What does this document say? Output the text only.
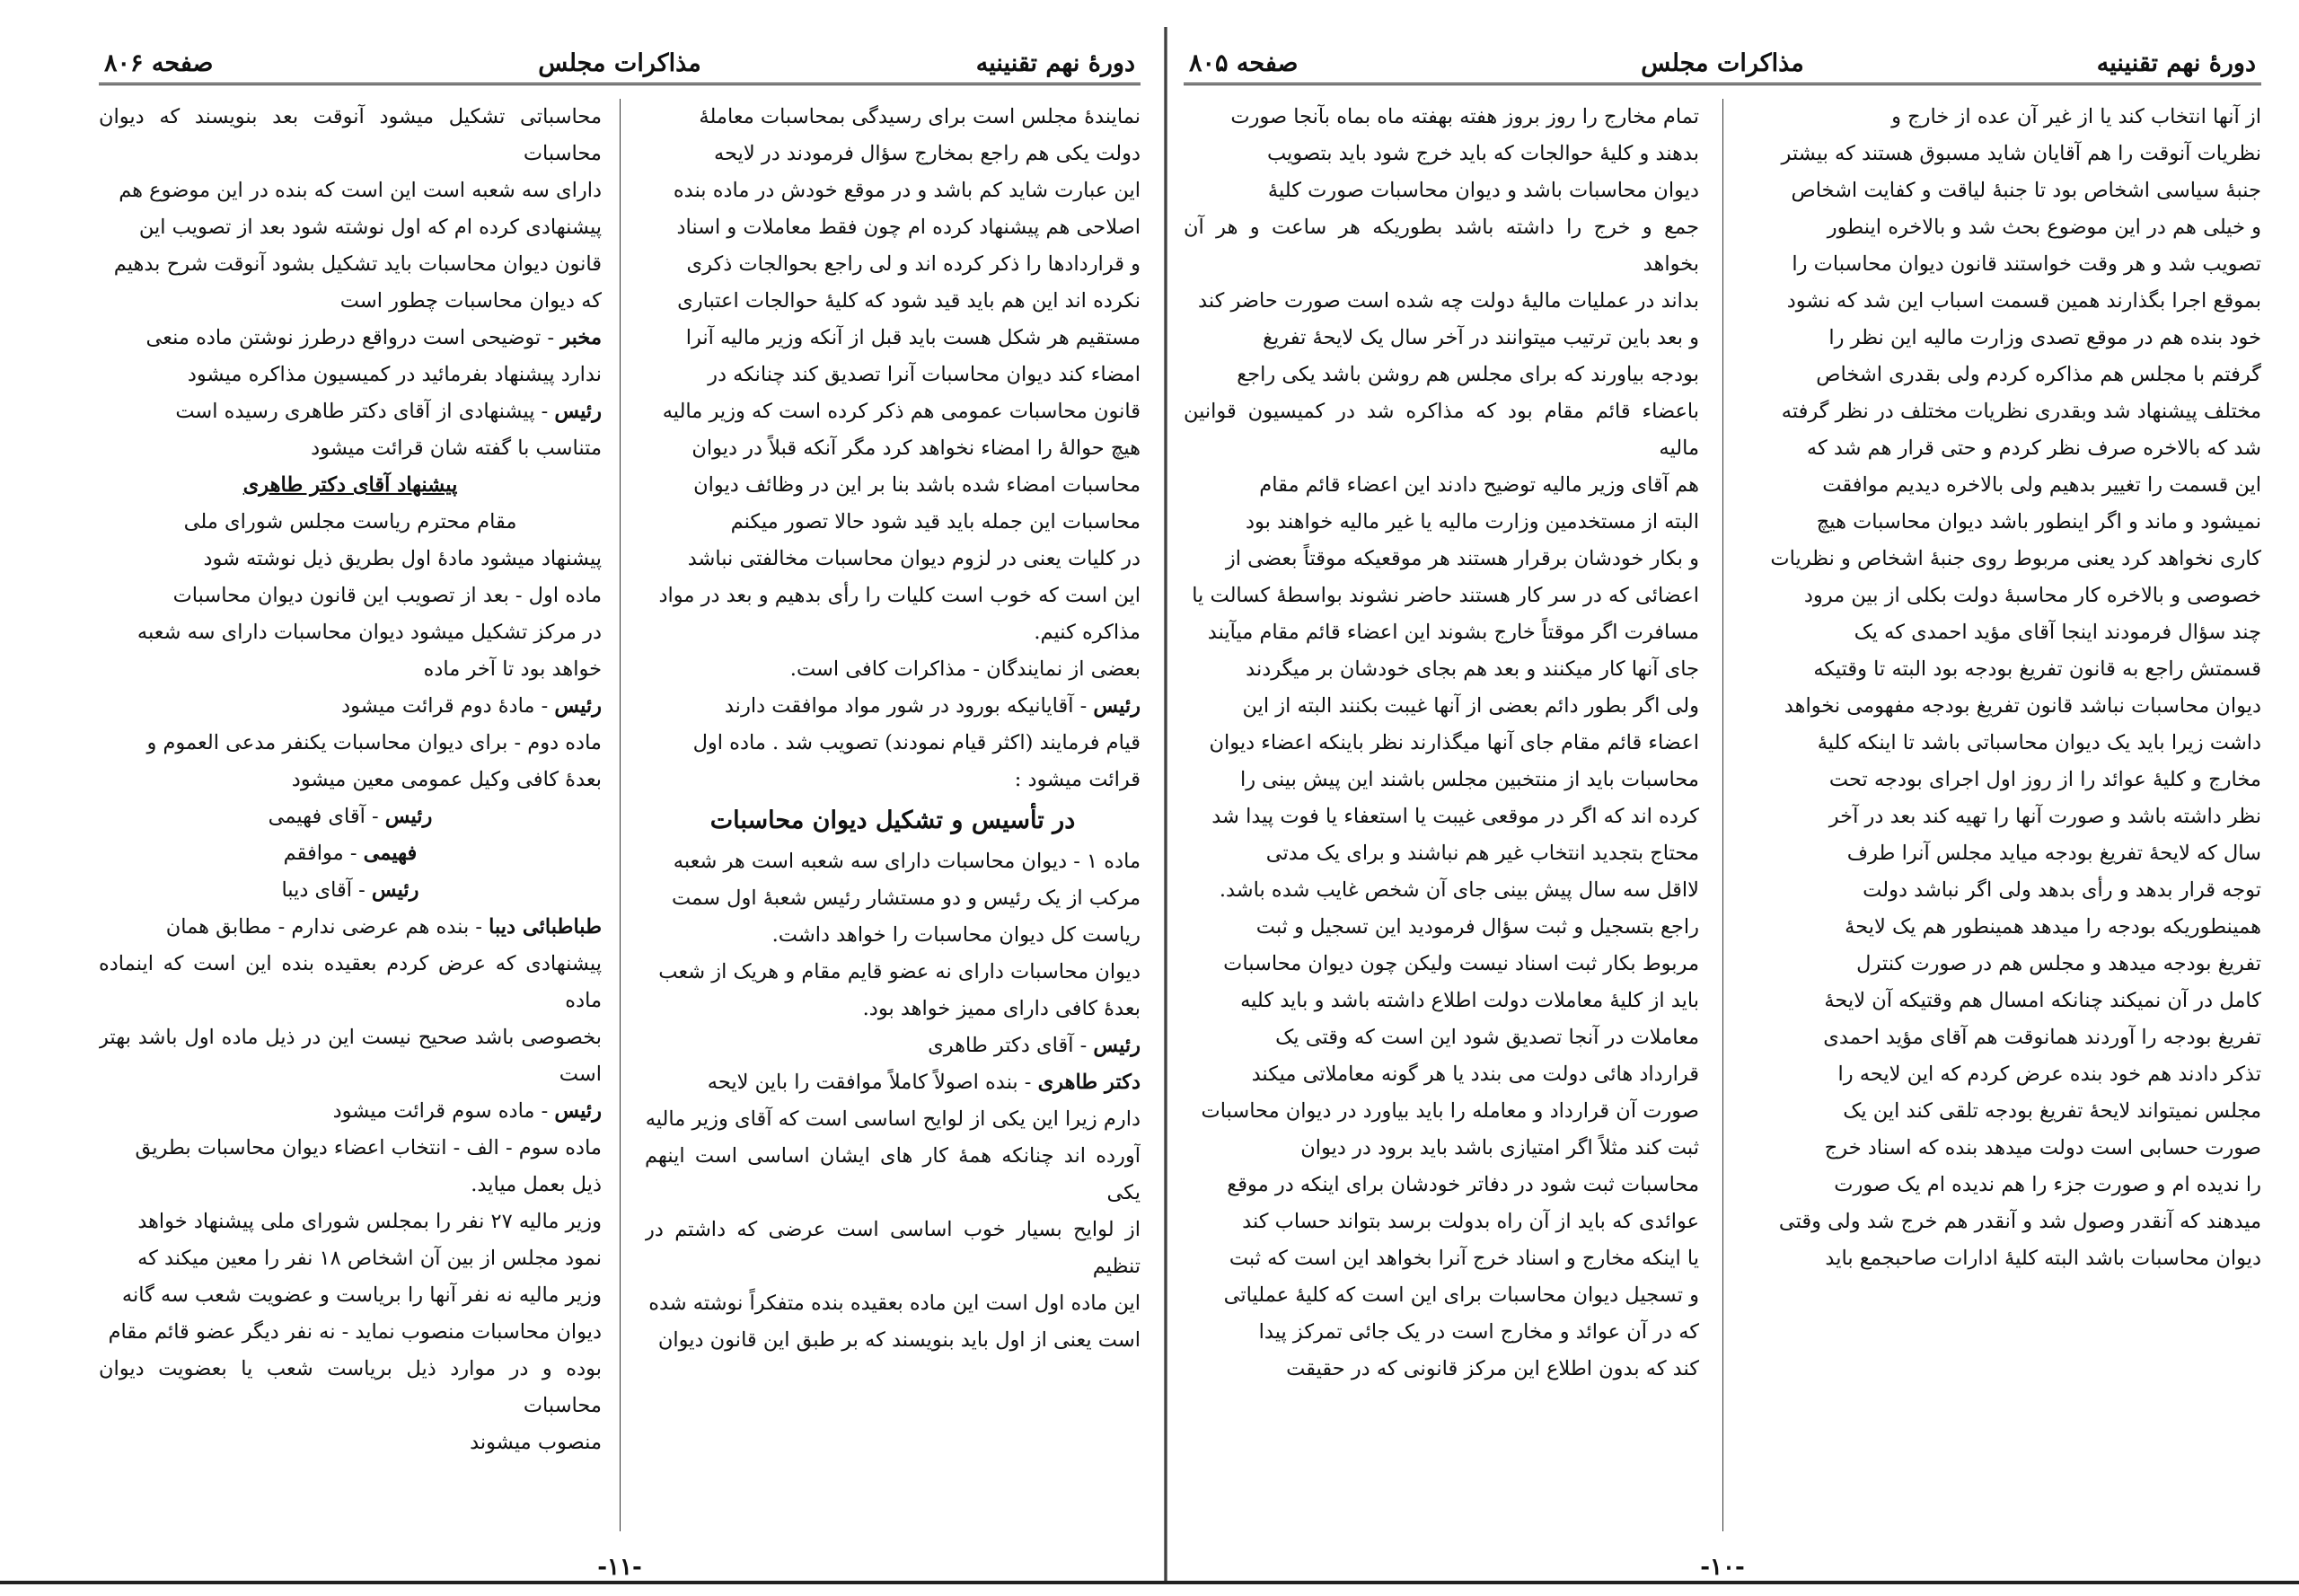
دورهٔ نهم تقنینیه
مذاکرات مجلس
صفحه ۸۰۶

نمایندهٔ مجلس است برای رسیدگی بمحاسبات معاملهٔ

دولت یکی هم راجع بمخارج سؤال فرمودند در لایحه

این عبارت شاید کم باشد و در موقع خودش در ماده بنده

اصلاحی هم پیشنهاد کرده ام چون فقط معاملات و اسناد

و قراردادها را ذکر کرده اند و لی راجع بحوالجات ذکری

نکرده اند این هم باید قید شود که کلیهٔ حوالجات اعتباری

مستقیم هر شکل هست باید قبل از آنکه وزیر مالیه آنرا

امضاء کند دیوان محاسبات آنرا تصدیق کند چنانکه در

قانون محاسبات عمومی هم ذکر کرده است که وزیر مالیه

هیچ حوالهٔ را امضاء نخواهد کرد مگر آنکه قبلاً در دیوان

محاسبات امضاء شده باشد بنا بر این در وظائف دیوان

محاسبات این جمله باید قید شود حالا تصور میکنم

در کلیات یعنی در لزوم دیوان محاسبات مخالفتی نباشد

این است که خوب است کلیات را رأی بدهیم و بعد در مواد

مذاکره کنیم.

بعضی از نمایندگان - مذاکرات کافی است.

رئیس - آقایانیکه بورود در شور مواد موافقت دارند

قیام فرمایند (اکثر قیام نمودند) تصویب شد . ماده اول

قرائت میشود :

در تأسیس و تشکیل دیوان محاسبات

ماده ۱ - دیوان محاسبات دارای سه شعبه است هر شعبه

مرکب از یک رئیس و دو مستشار رئیس شعبهٔ اول سمت

ریاست کل دیوان محاسبات را خواهد داشت.

دیوان محاسبات دارای نه عضو قایم مقام و هریک از شعب

بعدهٔ کافی دارای ممیز خواهد بود.

رئیس - آقای دکتر طاهری

دکتر طاهری - بنده اصولاً کاملاً موافقت را باین لایحه

دارم زیرا این یکی از لوایح اساسی است که آقای وزیر مالیه

آورده اند چنانکه همهٔ کار های ایشان اساسی است اینهم یکی

از لوایح بسیار خوب اساسی است عرضی که داشتم در تنظیم

این ماده اول است این ماده بعقیده بنده متفکراً نوشته شده

است یعنی از اول باید بنویسند که بر طبق این قانون دیوان

محاسباتی تشکیل میشود آنوقت بعد بنویسند که دیوان محاسبات

دارای سه شعبه است این است که بنده در این موضوع هم

پیشنهادی کرده ام که اول نوشته شود بعد از تصویب این

قانون دیوان محاسبات باید تشکیل بشود آنوقت شرح بدهیم

که دیوان محاسبات چطور است

مخبر - توضیحی است درواقع درطرز نوشتن ماده منعی

ندارد پیشنهاد بفرمائید در کمیسیون مذاکره میشود

رئیس - پیشنهادی از آقای دکتر طاهری رسیده است

متناسب با گفته شان قرائت میشود

پیشنهاد آقای دکتر طاهری

مقام محترم ریاست مجلس شورای ملی

پیشنهاد میشود مادهٔ اول بطریق ذیل نوشته شود

ماده اول - بعد از تصویب این قانون دیوان محاسبات

در مرکز تشکیل میشود دیوان محاسبات دارای سه شعبه

خواهد بود تا آخر ماده

رئیس - مادهٔ دوم قرائت میشود

ماده دوم - برای دیوان محاسبات یکنفر مدعی العموم و

بعدهٔ کافی وکیل عمومی معین میشود

رئیس - آقای فهیمی

فهیمی - موافقم

رئیس - آقای دیبا

طباطبائی دیبا - بنده هم عرضی ندارم - مطابق همان

پیشنهادی که عرض کردم بعقیده بنده این است که اینماده ماده

بخصوصی باشد صحیح نیست این در ذیل ماده اول باشد بهتر است

رئیس - ماده سوم قرائت میشود

ماده سوم - الف - انتخاب اعضاء دیوان محاسبات بطریق

ذیل بعمل میاید.

وزیر مالیه ۲۷ نفر را بمجلس شورای ملی پیشنهاد خواهد

نمود مجلس از بین آن اشخاص ۱۸ نفر را معین میکند که

وزیر مالیه نه نفر آنها را بریاست و عضویت شعب سه گانه

دیوان محاسبات منصوب نماید - نه نفر دیگر عضو قائم مقام

بوده و در موارد ذیل بریاست شعب یا بعضویت دیوان محاسبات

منصوب میشوند

-۱۱-
دورهٔ نهم تقنینیه
مذاکرات مجلس
صفحه ۸۰۵

از آنها انتخاب کند یا از غیر آن عده از خارج و

نظریات آنوقت را هم آقایان شاید مسبوق هستند که بیشتر

جنبهٔ سیاسی اشخاص بود تا جنبهٔ لیاقت و کفایت اشخاص

و خیلی هم در این موضوع بحث شد و بالاخره اینطور

تصویب شد و هر وقت خواستند قانون دیوان محاسبات را

بموقع اجرا بگذارند همین قسمت اسباب این شد که نشود

خود بنده هم در موقع تصدی وزارت مالیه این نظر را

گرفتم با مجلس هم مذاکره کردم ولی بقدری اشخاص

مختلف پیشنهاد شد وبقدری نظریات مختلف در نظر گرفته

شد که بالاخره صرف نظر کردم و حتی قرار هم شد که

این قسمت را تغییر بدهیم ولی بالاخره دیدیم موافقت

نمیشود و ماند و اگر اینطور باشد دیوان محاسبات هیچ

کاری نخواهد کرد یعنی مربوط روی جنبهٔ اشخاص و نظریات

خصوصی و بالاخره کار محاسبهٔ دولت بکلی از بین مرود

چند سؤال فرمودند اینجا آقای مؤید احمدی که یک

قسمتش راجع به قانون تفریغ بودجه بود البته تا وقتیکه

دیوان محاسبات نباشد قانون تفریغ بودجه مفهومی نخواهد

داشت زیرا باید یک دیوان محاسباتی باشد تا اینکه کلیهٔ

مخارج و کلیهٔ عوائد را از روز اول اجرای بودجه تحت

نظر داشته باشد و صورت آنها را تهیه کند بعد در آخر

سال که لایحهٔ تفریغ بودجه میاید مجلس آنرا طرف

توجه قرار بدهد و رأی بدهد ولی اگر نباشد دولت

همینطوریکه بودجه را میدهد همینطور هم یک لایحهٔ

تفریغ بودجه میدهد و مجلس هم در صورت کنترل

کامل در آن نمیکند چنانکه امسال هم وقتیکه آن لایحهٔ

تفریغ بودجه را آوردند همانوقت هم آقای مؤید احمدی

تذکر دادند هم خود بنده عرض کردم که این لایحه را

مجلس نمیتواند لایحهٔ تفریغ بودجه تلقی کند این یک

صورت حسابی است دولت میدهد بنده که اسناد خرج

را ندیده ام و صورت جزء را هم ندیده ام یک صورت

میدهند که آنقدر وصول شد و آنقدر هم خرج شد ولی وقتی

دیوان محاسبات باشد البته کلیهٔ ادارات صاحبجمع باید

تمام مخارج را روز بروز هفته بهفته ماه بماه بآنجا صورت

بدهند و کلیهٔ حوالجات که باید خرج شود باید بتصویب

دیوان محاسبات باشد و دیوان محاسبات صورت کلیهٔ

جمع و خرج را داشته باشد بطوریکه هر ساعت و هر آن بخواهد

بداند در عملیات مالیهٔ دولت چه شده است صورت حاضر کند

و بعد باین ترتیب میتوانند در آخر سال یک لایحهٔ تفریغ

بودجه بیاورند که برای مجلس هم روشن باشد یکی راجع

باعضاء قائم مقام بود که مذاکره شد در کمیسیون قوانین مالیه

هم آقای وزیر مالیه توضیح دادند این اعضاء قائم مقام

البته از مستخدمین وزارت مالیه یا غیر مالیه خواهند بود

و بکار خودشان برقرار هستند هر موقعیکه موقتاً بعضی از

اعضائی که در سر کار هستند حاضر نشوند بواسطهٔ کسالت یا

مسافرت اگر موقتاً خارج بشوند این اعضاء قائم مقام میآیند

جای آنها کار میکنند و بعد هم بجای خودشان بر میگردند

ولی اگر بطور دائم بعضی از آنها غیبت بکنند البته از این

اعضاء قائم مقام جای آنها میگذارند نظر باینکه اعضاء دیوان

محاسبات باید از منتخبین مجلس باشند این پیش بینی را

کرده اند که اگر در موقعی غیبت یا استعفاء یا فوت پیدا شد

محتاج بتجدید انتخاب غیر هم نباشند و برای یک مدتی

لااقل سه سال پیش بینی جای آن شخص غایب شده باشد.

راجع بتسجیل و ثبت سؤال فرمودید این تسجیل و ثبت

مربوط بکار ثبت اسناد نیست ولیکن چون دیوان محاسبات

باید از کلیهٔ معاملات دولت اطلاع داشته باشد و باید کلیه

معاملات در آنجا تصدیق شود این است که وقتی یک

قرارداد هائی دولت می بندد یا هر گونه معاملاتی میکند

صورت آن قرارداد و معامله را باید بیاورد در دیوان محاسبات

ثبت کند مثلاً اگر امتیازی باشد باید برود در دیوان

محاسبات ثبت شود در دفاتر خودشان برای اینکه در موقع

عوائدی که باید از آن راه بدولت برسد بتواند حساب کند

یا اینکه مخارج و اسناد خرج آنرا بخواهد این است که ثبت

و تسجیل دیوان محاسبات برای این است که کلیهٔ عملیاتی

که در آن عوائد و مخارج است در یک جائی تمرکز پیدا

کند که بدون اطلاع این مرکز قانونی که در حقیقت

-۱۰-
